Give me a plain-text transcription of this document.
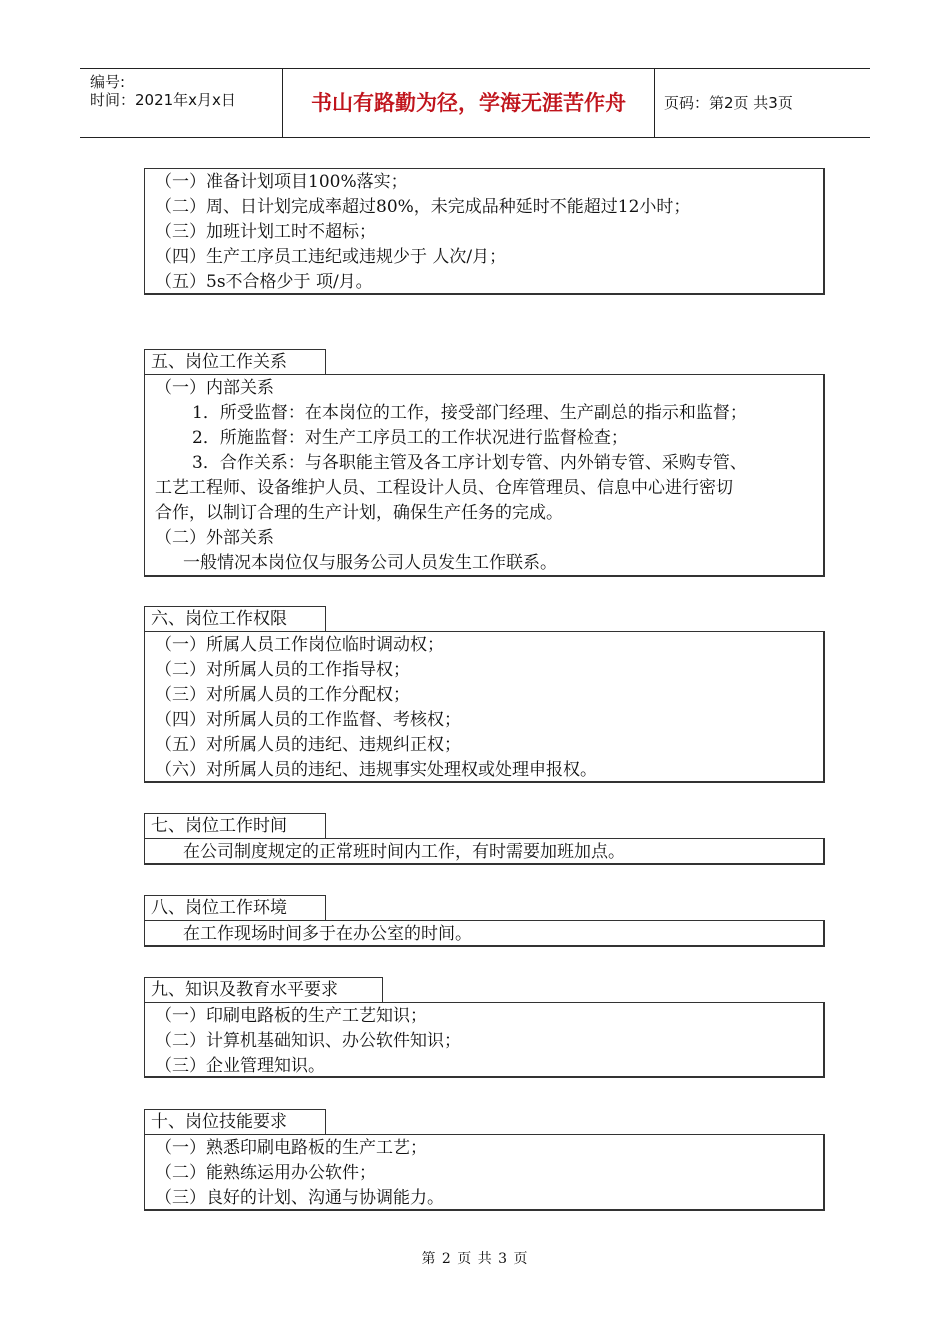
编号:
时间：2021年x月x日	书山有路勤为径，学海无涯苦作舟	页码：第2页 共3页
（一）准备计划项目100%落实；
（二）周、日计划完成率超过80%，未完成品种延时不能超过12小时；
（三）加班计划工时不超标；
（四）生产工序员工违纪或违规少于 人次/月；
（五）5s不合格少于 项/月。
五、岗位工作关系
（一）内部关系
1．所受监督：在本岗位的工作，接受部门经理、生产副总的指示和监督；
2．所施监督：对生产工序员工的工作状况进行监督检查；
3．合作关系：与各职能主管及各工序计划专管、内外销专管、采购专管、
工艺工程师、设备维护人员、工程设计人员、仓库管理员、信息中心进行密切
合作，以制订合理的生产计划，确保生产任务的完成。
（二）外部关系
一般情况本岗位仅与服务公司人员发生工作联系。
六、岗位工作权限
（一）所属人员工作岗位临时调动权；
（二）对所属人员的工作指导权；
（三）对所属人员的工作分配权；
（四）对所属人员的工作监督、考核权；
（五）对所属人员的违纪、违规纠正权；
（六）对所属人员的违纪、违规事实处理权或处理申报权。
七、岗位工作时间
在公司制度规定的正常班时间内工作，有时需要加班加点。
八、岗位工作环境
在工作现场时间多于在办公室的时间。
九、知识及教育水平要求
（一）印刷电路板的生产工艺知识；
（二）计算机基础知识、办公软件知识；
（三）企业管理知识。
十、岗位技能要求
（一）熟悉印刷电路板的生产工艺；
（二）能熟练运用办公软件；
（三）良好的计划、沟通与协调能力。
第 2 页 共 3 页
